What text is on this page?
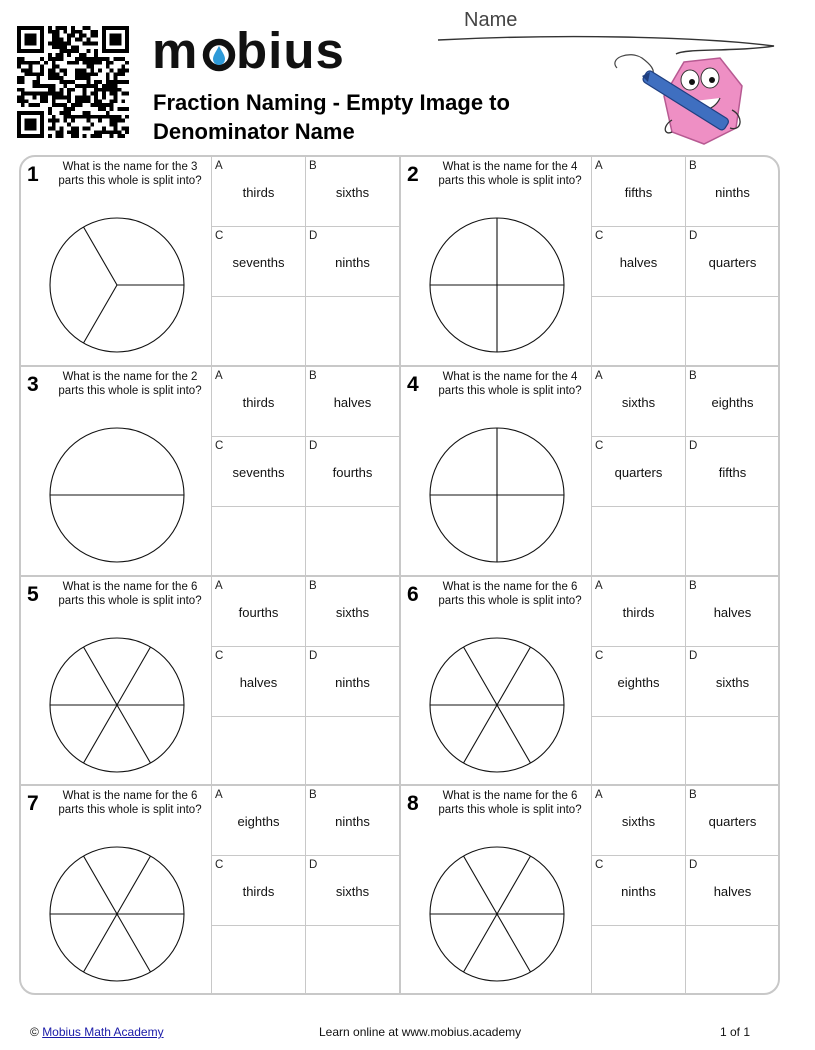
m bius
Fraction Naming - Empty Image to
Denominator Name
Name
1	What is the name for the 3 parts this whole is split into?
A
thirds
B
sixths
C
sevenths
D
ninths
2	What is the name for the 4 parts this whole is split into?
A
fifths
B
ninths
C
halves
D
quarters
3	What is the name for the 2 parts this whole is split into?
A
thirds
B
halves
C
sevenths
D
fourths
4	What is the name for the 4 parts this whole is split into?
A
sixths
B
eighths
C
quarters
D
fifths
5	What is the name for the 6 parts this whole is split into?
A
fourths
B
sixths
C
halves
D
ninths
6	What is the name for the 6 parts this whole is split into?
A
thirds
B
halves
C
eighths
D
sixths
7	What is the name for the 6 parts this whole is split into?
A
eighths
B
ninths
C
thirds
D
sixths
8	What is the name for the 6 parts this whole is split into?
A
sixths
B
quarters
C
ninths
D
halves
© Mobius Math Academy	Learn online at www.mobius.academy	1 of 1
